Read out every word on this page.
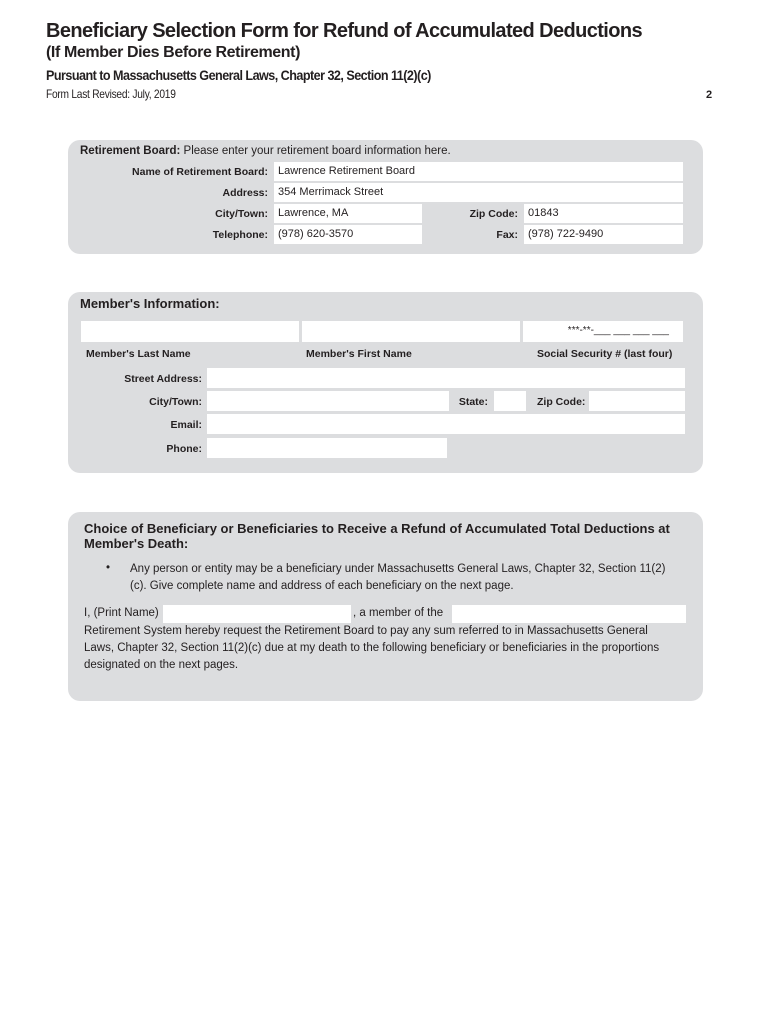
Beneficiary Selection Form for Refund of Accumulated Deductions
(If Member Dies Before Retirement)
Pursuant to Massachusetts General Laws, Chapter 32, Section 11(2)(c)
Form Last Revised: July, 2019	2
Retirement Board: Please enter your retirement board information here.
Name of Retirement Board: Lawrence Retirement Board
Address: 354 Merrimack Street
City/Town: Lawrence, MA	Zip Code: 01843
Telephone: (978) 620-3570	Fax: (978) 722-9490
Member's Information:
***-**-___ ___ ___ ___
Member's Last Name	Member's First Name	Social Security # (last four)
Street Address:
City/Town:	State:	Zip Code:
Email:
Phone:
Choice of Beneficiary or Beneficiaries to Receive a Refund of Accumulated Total Deductions at
Member's Death:
• Any person or entity may be a beneficiary under Massachusetts General Laws, Chapter 32, Section 11(2)
(c). Give complete name and address of each beneficiary on the next page.
I, (Print Name)	, a member of the
Retirement System hereby request the Retirement Board to pay any sum referred to in Massachusetts General
Laws, Chapter 32, Section 11(2)(c) due at my death to the following beneficiary or beneficiaries in the proportions
designated on the next pages.
